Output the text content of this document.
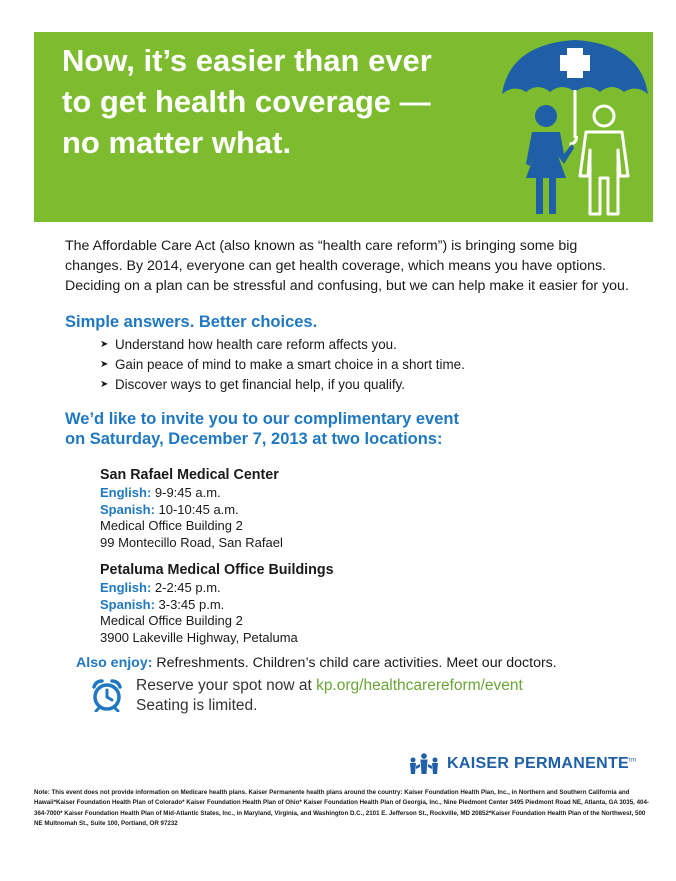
Now, it’s easier than ever
to get health coverage —
no matter what.
The Affordable Care Act (also known as “health care reform”) is bringing some big
changes. By 2014, everyone can get health coverage, which means you have options.
Deciding on a plan can be stressful and confusing, but we can help make it easier for you.
Simple answers. Better choices.
➤ Understand how health care reform affects you.
➤ Gain peace of mind to make a smart choice in a short time.
➤ Discover ways to get financial help, if you qualify.
We’d like to invite you to our complimentary event
on Saturday, December 7, 2013 at two locations:
San Rafael Medical Center
English: 9-9:45 a.m.
Spanish: 10-10:45 a.m.
Medical Office Building 2
99 Montecillo Road, San Rafael
Petaluma Medical Office Buildings
English: 2-2:45 p.m.
Spanish: 3-3:45 p.m.
Medical Office Building 2
3900 Lakeville Highway, Petaluma
Also enjoy: Refreshments. Children’s child care activities. Meet our doctors.
Reserve your spot now at kp.org/healthcarereform/event
Seating is limited.
KAISER $PERMANENTE^{tm}$
Note: This event does not provide information on Medicare health plans. Kaiser Permanente health plans around the country: Kaiser Foundation Health Plan, Inc., in Northern and Southern California and Hawaii*Kaiser Foundation Health Plan of Colorado* Kaiser Foundation Health Plan of Ohio* Kaiser Foundation Health Plan of Georgia, Inc., Nine Piedmont Center 3495 Piedmont Road NE, Atlanta, GA 3035, 404-364-7000* Kaiser Foundation Health Plan of Mid-Atlantic States, Inc., in Maryland, Virginia, and Washington D.C., 2101 E. Jefferson St., Rockville, MD 20852*Kaiser Foundation Health Plan of the Northwest, 500 NE Multnomah St., Suite 100, Portland, OR 97232
